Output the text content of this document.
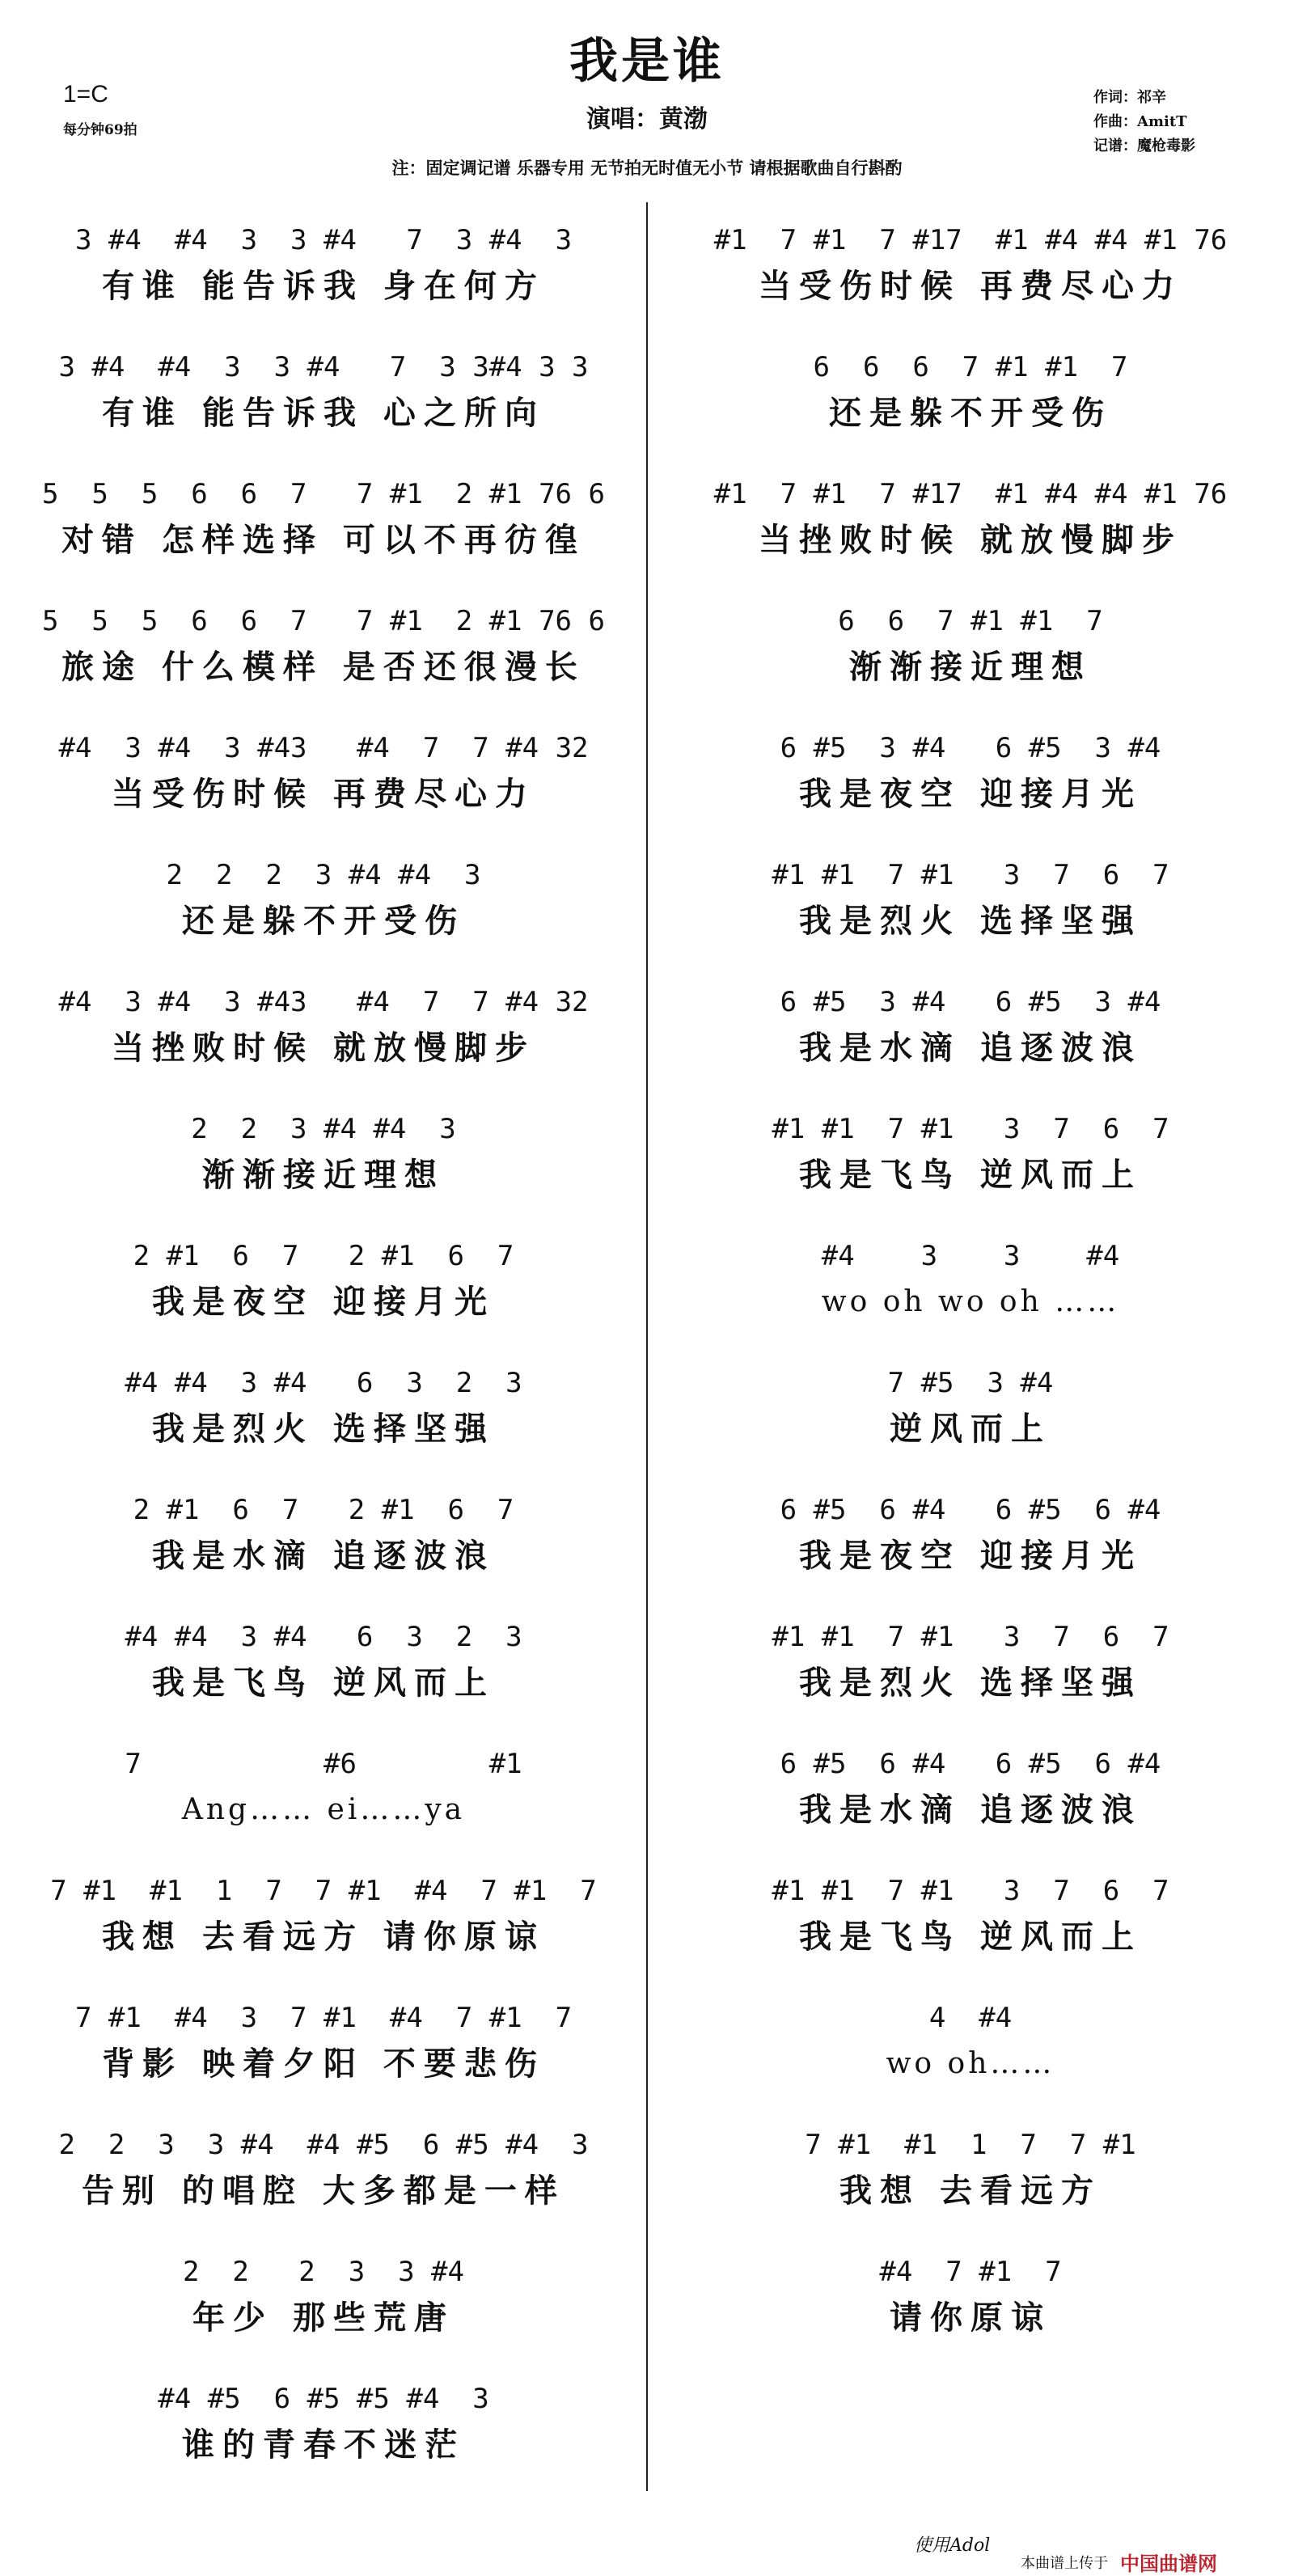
我是谁
演唱：黄渤
1=C
每分钟69拍
作词：祁辛
作曲：AmitT
记谱：魔枪毒影
注：固定调记谱 乐器专用 无节拍无时值无小节 请根据歌曲自行斟酌
3 #4  #4  3  3 #4   7  3 #4  3
有谁 能告诉我 身在何方
3 #4  #4  3  3 #4   7  3 3#4 3 3
有谁 能告诉我 心之所向
5  5  5  6  6  7   7 #1  2 #1 76 6
对错 怎样选择 可以不再彷徨
5  5  5  6  6  7   7 #1  2 #1 76 6
旅途 什么模样 是否还很漫长
#4  3 #4  3 #43   #4  7  7 #4 32
当受伤时候 再费尽心力
2  2  2  3 #4 #4  3
还是躲不开受伤
#4  3 #4  3 #43   #4  7  7 #4 32
当挫败时候 就放慢脚步
2  2  3 #4 #4  3
渐渐接近理想
2 #1  6  7   2 #1  6  7
我是夜空 迎接月光
#4 #4  3 #4   6  3  2  3
我是烈火 选择坚强
2 #1  6  7   2 #1  6  7
我是水滴 追逐波浪
#4 #4  3 #4   6  3  2  3
我是飞鸟 逆风而上
7           #6        #1
Ang…… ei……ya
7 #1  #1  1  7  7 #1  #4  7 #1  7
我想 去看远方 请你原谅
7 #1  #4  3  7 #1  #4  7 #1  7
背影 映着夕阳 不要悲伤
2  2  3  3 #4  #4 #5  6 #5 #4  3
告别 的唱腔 大多都是一样
2  2   2  3  3 #4
年少 那些荒唐
#4 #5  6 #5 #5 #4  3
谁的青春不迷茫
#1  7 #1  7 #17  #1 #4 #4 #1 76
当受伤时候 再费尽心力
6  6  6  7 #1 #1  7
还是躲不开受伤
#1  7 #1  7 #17  #1 #4 #4 #1 76
当挫败时候 就放慢脚步
6  6  7 #1 #1  7
渐渐接近理想
6 #5  3 #4   6 #5  3 #4
我是夜空 迎接月光
#1 #1  7 #1   3  7  6  7
我是烈火 选择坚强
6 #5  3 #4   6 #5  3 #4
我是水滴 追逐波浪
#1 #1  7 #1   3  7  6  7
我是飞鸟 逆风而上
#4    3    3    #4
wo oh wo oh ……
7 #5  3 #4
逆风而上
6 #5  6 #4   6 #5  6 #4
我是夜空 迎接月光
#1 #1  7 #1   3  7  6  7
我是烈火 选择坚强
6 #5  6 #4   6 #5  6 #4
我是水滴 追逐波浪
#1 #1  7 #1   3  7  6  7
我是飞鸟 逆风而上
4  #4
wo oh……
7 #1  #1  1  7  7 #1
我想 去看远方
#4  7 #1  7
请你原谅
使用Adol
本曲谱上传于 中国曲谱网
